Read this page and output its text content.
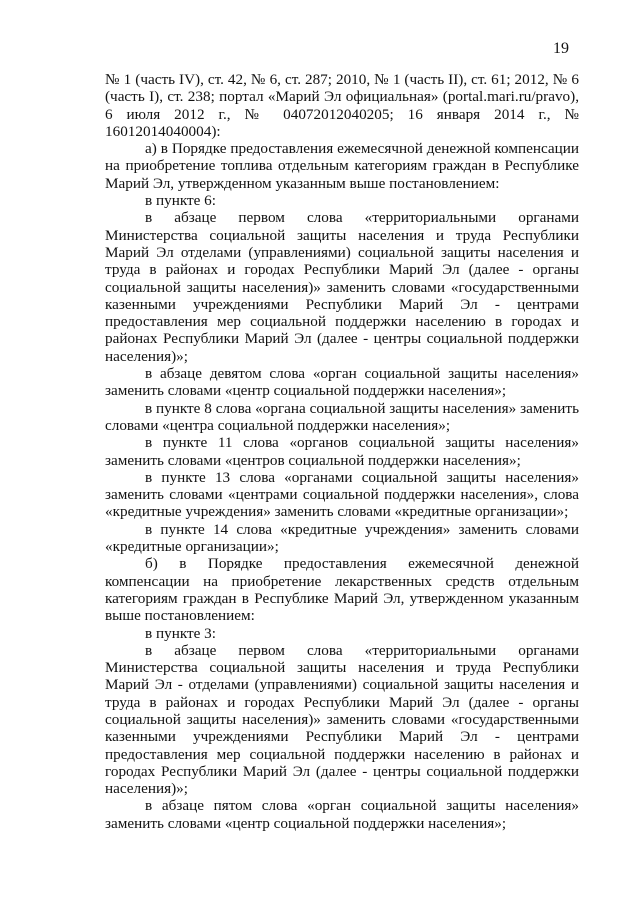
19

№ 1 (часть IV), ст. 42, № 6, ст. 287; 2010, № 1 (часть II), ст. 61; 2012, № 6 (часть I), ст. 238; портал «Марий Эл официальная» (portal.mari.ru/pravo), 6 июля 2012 г., № 04072012040205; 16 января 2014 г., № 16012014040004):

а) в Порядке предоставления ежемесячной денежной компенсации на приобретение топлива отдельным категориям граждан в Республике Марий Эл, утвержденном указанным выше постановлением:

в пункте 6:

в абзаце первом слова «территориальными органами Министерства социальной защиты населения и труда Республики Марий Эл отделами (управлениями) социальной защиты населения и труда в районах и городах Республики Марий Эл (далее - органы социальной защиты населения)» заменить словами «государственными казенными учреждениями Республики Марий Эл - центрами предоставления мер социальной поддержки населению в городах и районах Республики Марий Эл (далее - центры социальной поддержки населения)»;

в абзаце девятом слова «орган социальной защиты населения» заменить словами «центр социальной поддержки населения»;

в пункте 8 слова «органа социальной защиты населения» заменить словами «центра социальной поддержки населения»;

в пункте 11 слова «органов социальной защиты населения» заменить словами «центров социальной поддержки населения»;

в пункте 13 слова «органами социальной защиты населения» заменить словами «центрами социальной поддержки населения», слова «кредитные учреждения» заменить словами «кредитные организации»;

в пункте 14 слова «кредитные учреждения» заменить словами «кредитные организации»;

б) в Порядке предоставления ежемесячной денежной компенсации на приобретение лекарственных средств отдельным категориям граждан в Республике Марий Эл, утвержденном указанным выше постановлением:

в пункте 3:

в абзаце первом слова «территориальными органами Министерства социальной защиты населения и труда Республики Марий Эл - отделами (управлениями) социальной защиты населения и труда в районах и городах Республики Марий Эл (далее - органы социальной защиты населения)» заменить словами «государственными казенными учреждениями Республики Марий Эл - центрами предоставления мер социальной поддержки населению в районах и городах Республики Марий Эл (далее - центры социальной поддержки населения)»;

в абзаце пятом слова «орган социальной защиты населения» заменить словами «центр социальной поддержки населения»;
